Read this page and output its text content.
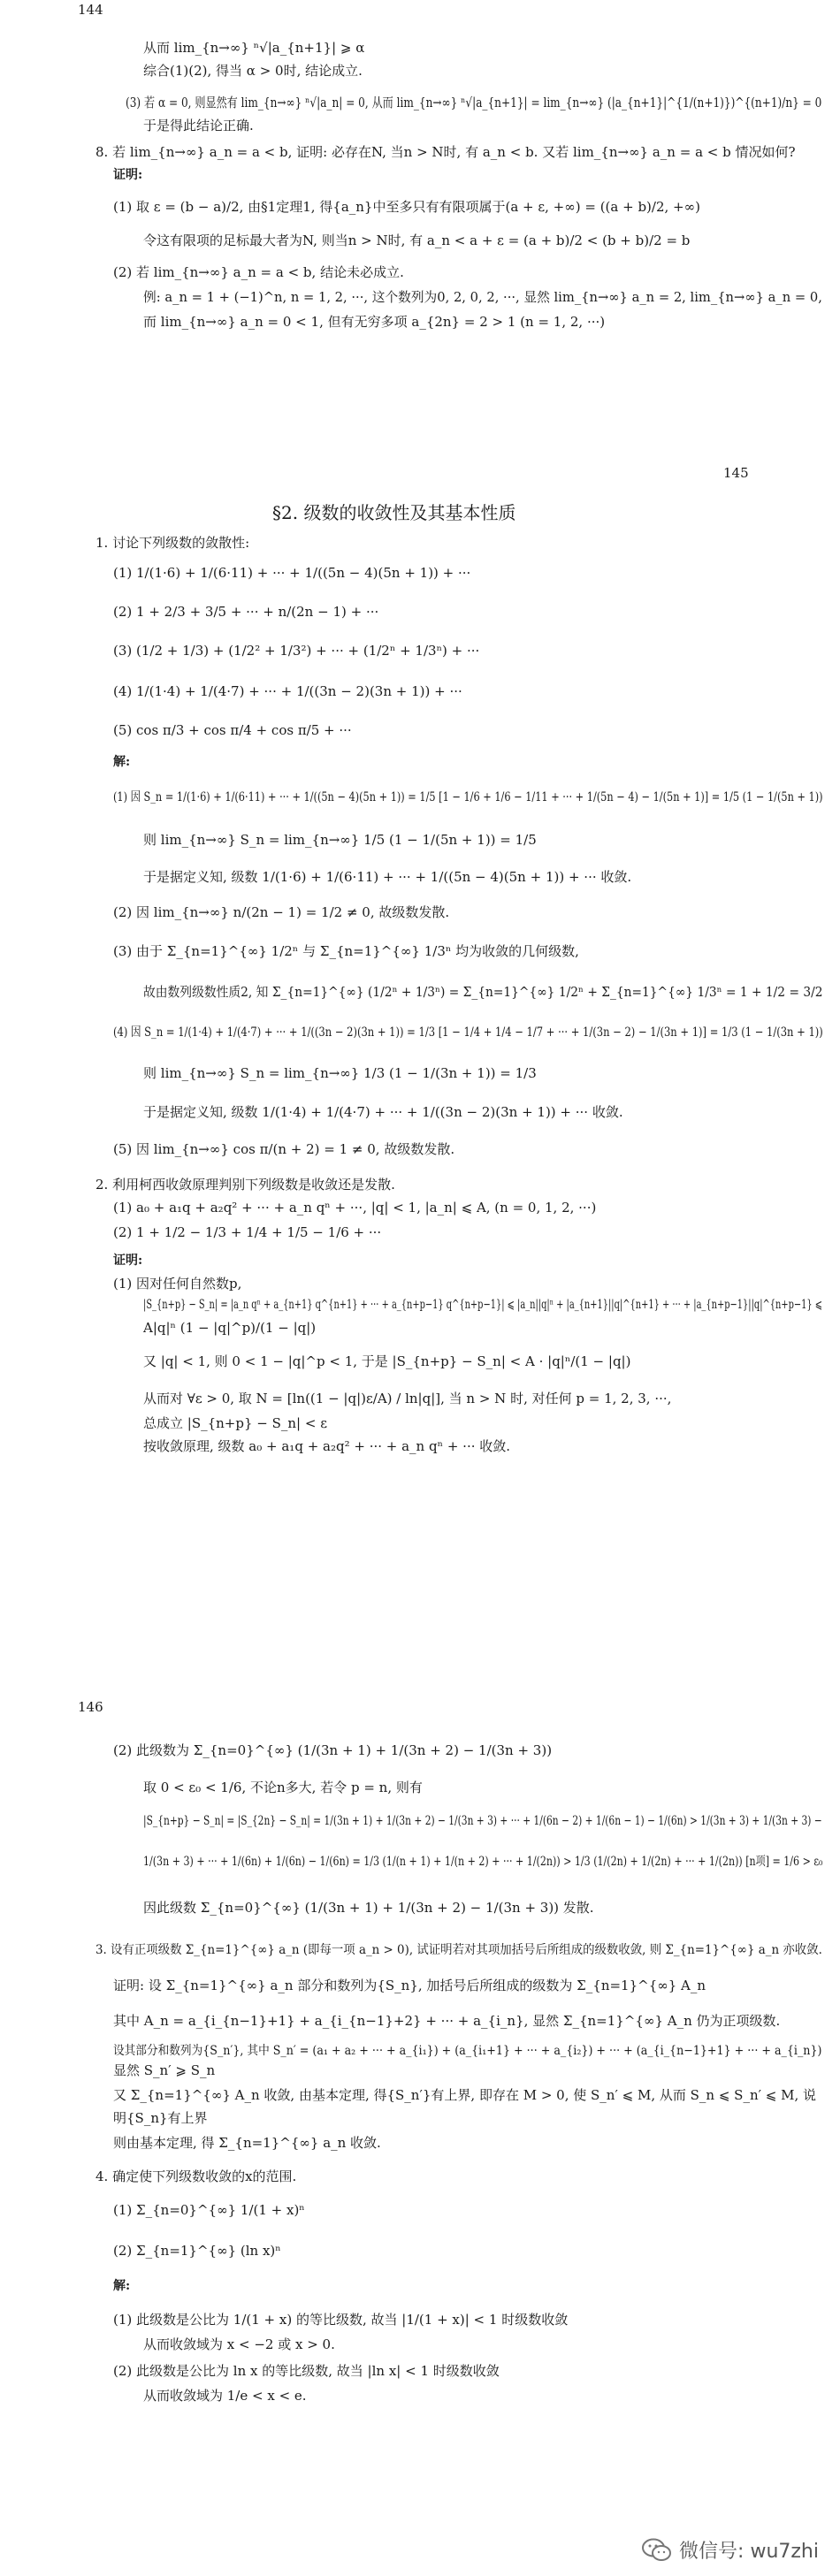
144
从而 lim_{n→∞} ⁿ√|a_{n+1}| ⩾ α
综合(1)(2), 得当 α > 0时, 结论成立.
(3) 若 α = 0, 则显然有 lim_{n→∞} ⁿ√|a_n| = 0, 从而 lim_{n→∞} ⁿ√|a_{n+1}| = lim_{n→∞} (|a_{n+1}|^{1/(n+1)})^{(n+1)/n} = 0
于是得此结论正确.
8. 若 lim_{n→∞} a_n = a < b, 证明: 必存在N, 当n > N时, 有 a_n < b. 又若 lim_{n→∞} a_n = a < b 情况如何?
证明:
(1) 取 ε = (b − a)/2, 由§1定理1, 得{a_n}中至多只有有限项属于(a + ε, +∞) = ((a + b)/2, +∞)
令这有限项的足标最大者为N, 则当n > N时, 有 a_n < a + ε = (a + b)/2 < (b + b)/2 = b
(2) 若 lim_{n→∞} a_n = a < b, 结论未必成立.
例: a_n = 1 + (−1)^n, n = 1, 2, ···, 这个数列为0, 2, 0, 2, ···, 显然 lim_{n→∞} a_n = 2, lim_{n→∞} a_n = 0,
而 lim_{n→∞} a_n = 0 < 1, 但有无穷多项 a_{2n} = 2 > 1 (n = 1, 2, ···)
145
§2. 级数的收敛性及其基本性质
1. 讨论下列级数的敛散性:
(1) 1/(1·6) + 1/(6·11) + ··· + 1/((5n − 4)(5n + 1)) + ···
(2) 1 + 2/3 + 3/5 + ··· + n/(2n − 1) + ···
(3) (1/2 + 1/3) + (1/2² + 1/3²) + ··· + (1/2ⁿ + 1/3ⁿ) + ···
(4) 1/(1·4) + 1/(4·7) + ··· + 1/((3n − 2)(3n + 1)) + ···
(5) cos π/3 + cos π/4 + cos π/5 + ···
解:
(1) 因 S_n = 1/(1·6) + 1/(6·11) + ··· + 1/((5n − 4)(5n + 1)) = 1/5 [1 − 1/6 + 1/6 − 1/11 + ··· + 1/(5n − 4) − 1/(5n + 1)] = 1/5 (1 − 1/(5n + 1))
则 lim_{n→∞} S_n = lim_{n→∞} 1/5 (1 − 1/(5n + 1)) = 1/5
于是据定义知, 级数 1/(1·6) + 1/(6·11) + ··· + 1/((5n − 4)(5n + 1)) + ··· 收敛.
(2) 因 lim_{n→∞} n/(2n − 1) = 1/2 ≠ 0, 故级数发散.
(3) 由于 Σ_{n=1}^{∞} 1/2ⁿ 与 Σ_{n=1}^{∞} 1/3ⁿ 均为收敛的几何级数,
故由数列级数性质2, 知 Σ_{n=1}^{∞} (1/2ⁿ + 1/3ⁿ) = Σ_{n=1}^{∞} 1/2ⁿ + Σ_{n=1}^{∞} 1/3ⁿ = 1 + 1/2 = 3/2
(4) 因 S_n = 1/(1·4) + 1/(4·7) + ··· + 1/((3n − 2)(3n + 1)) = 1/3 [1 − 1/4 + 1/4 − 1/7 + ··· + 1/(3n − 2) − 1/(3n + 1)] = 1/3 (1 − 1/(3n + 1))
则 lim_{n→∞} S_n = lim_{n→∞} 1/3 (1 − 1/(3n + 1)) = 1/3
于是据定义知, 级数 1/(1·4) + 1/(4·7) + ··· + 1/((3n − 2)(3n + 1)) + ··· 收敛.
(5) 因 lim_{n→∞} cos π/(n + 2) = 1 ≠ 0, 故级数发散.
2. 利用柯西收敛原理判别下列级数是收敛还是发散.
(1) a₀ + a₁q + a₂q² + ··· + a_n qⁿ + ···, |q| < 1, |a_n| ⩽ A, (n = 0, 1, 2, ···)
(2) 1 + 1/2 − 1/3 + 1/4 + 1/5 − 1/6 + ···
证明:
(1) 因对任何自然数p,
|S_{n+p} − S_n| = |a_n qⁿ + a_{n+1} q^{n+1} + ··· + a_{n+p−1} q^{n+p−1}| ⩽ |a_n||q|ⁿ + |a_{n+1}||q|^{n+1} + ··· + |a_{n+p−1}||q|^{n+p−1} ⩽
A|q|ⁿ (1 − |q|^p)/(1 − |q|)
又 |q| < 1, 则 0 < 1 − |q|^p < 1, 于是 |S_{n+p} − S_n| < A · |q|ⁿ/(1 − |q|)
从而对 ∀ε > 0, 取 N = [ln((1 − |q|)ε/A) / ln|q|], 当 n > N 时, 对任何 p = 1, 2, 3, ···,
总成立 |S_{n+p} − S_n| < ε
按收敛原理, 级数 a₀ + a₁q + a₂q² + ··· + a_n qⁿ + ··· 收敛.
146
(2) 此级数为 Σ_{n=0}^{∞} (1/(3n + 1) + 1/(3n + 2) − 1/(3n + 3))
取 0 < ε₀ < 1/6, 不论n多大, 若令 p = n, 则有
|S_{n+p} − S_n| = |S_{2n} − S_n| = 1/(3n + 1) + 1/(3n + 2) − 1/(3n + 3) + ··· + 1/(6n − 2) + 1/(6n − 1) − 1/(6n) > 1/(3n + 3) + 1/(3n + 3) −
1/(3n + 3) + ··· + 1/(6n) + 1/(6n) − 1/(6n) = 1/3 (1/(n + 1) + 1/(n + 2) + ··· + 1/(2n)) > 1/3 (1/(2n) + 1/(2n) + ··· + 1/(2n)) [n项] = 1/6 > ε₀
因此级数 Σ_{n=0}^{∞} (1/(3n + 1) + 1/(3n + 2) − 1/(3n + 3)) 发散.
3. 设有正项级数 Σ_{n=1}^{∞} a_n (即每一项 a_n > 0), 试证明若对其项加括号后所组成的级数收敛, 则 Σ_{n=1}^{∞} a_n 亦收敛.
证明: 设 Σ_{n=1}^{∞} a_n 部分和数列为{S_n}, 加括号后所组成的级数为 Σ_{n=1}^{∞} A_n
其中 A_n = a_{i_{n−1}+1} + a_{i_{n−1}+2} + ··· + a_{i_n}, 显然 Σ_{n=1}^{∞} A_n 仍为正项级数.
设其部分和数列为{S_n′}, 其中 S_n′ = (a₁ + a₂ + ··· + a_{i₁}) + (a_{i₁+1} + ··· + a_{i₂}) + ··· + (a_{i_{n−1}+1} + ··· + a_{i_n})
显然 S_n′ ⩾ S_n
又 Σ_{n=1}^{∞} A_n 收敛, 由基本定理, 得{S_n′}有上界, 即存在 M > 0, 使 S_n′ ⩽ M, 从而 S_n ⩽ S_n′ ⩽ M, 说
明{S_n}有上界
则由基本定理, 得 Σ_{n=1}^{∞} a_n 收敛.
4. 确定使下列级数收敛的x的范围.
(1) Σ_{n=0}^{∞} 1/(1 + x)ⁿ
(2) Σ_{n=1}^{∞} (ln x)ⁿ
解:
(1) 此级数是公比为 1/(1 + x) 的等比级数, 故当 |1/(1 + x)| < 1 时级数收敛
从而收敛域为 x < −2 或 x > 0.
(2) 此级数是公比为 ln x 的等比级数, 故当 |ln x| < 1 时级数收敛
从而收敛域为 1/e < x < e.
微信号: wu7zhi
